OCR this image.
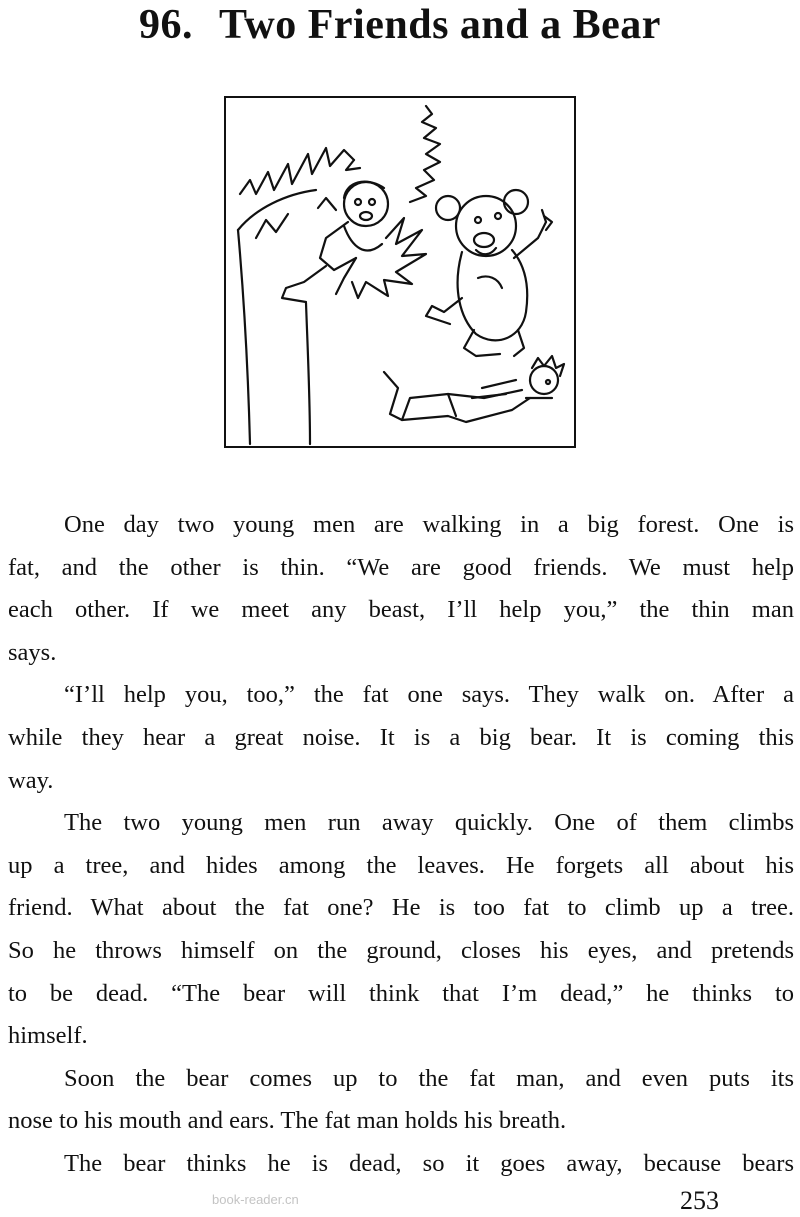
96. Two Friends and a Bear
One day two young men are walking in a big forest. One is
fat, and the other is thin. “We are good friends. We must help
each other. If we meet any beast, I’ll help you,” the thin man
says.
“I’ll help you, too,” the fat one says. They walk on. After a
while they hear a great noise. It is a big bear. It is coming this
way.
The two young men run away quickly. One of them climbs
up a tree, and hides among the leaves. He forgets all about his
friend. What about the fat one? He is too fat to climb up a tree.
So he throws himself on the ground, closes his eyes, and pretends
to be dead. “The bear will think that I’m dead,” he thinks to
himself.
Soon the bear comes up to the fat man, and even puts its
nose to his mouth and ears. The fat man holds his breath.
The bear thinks he is dead, so it goes away, because bears
book-reader.cn	253
